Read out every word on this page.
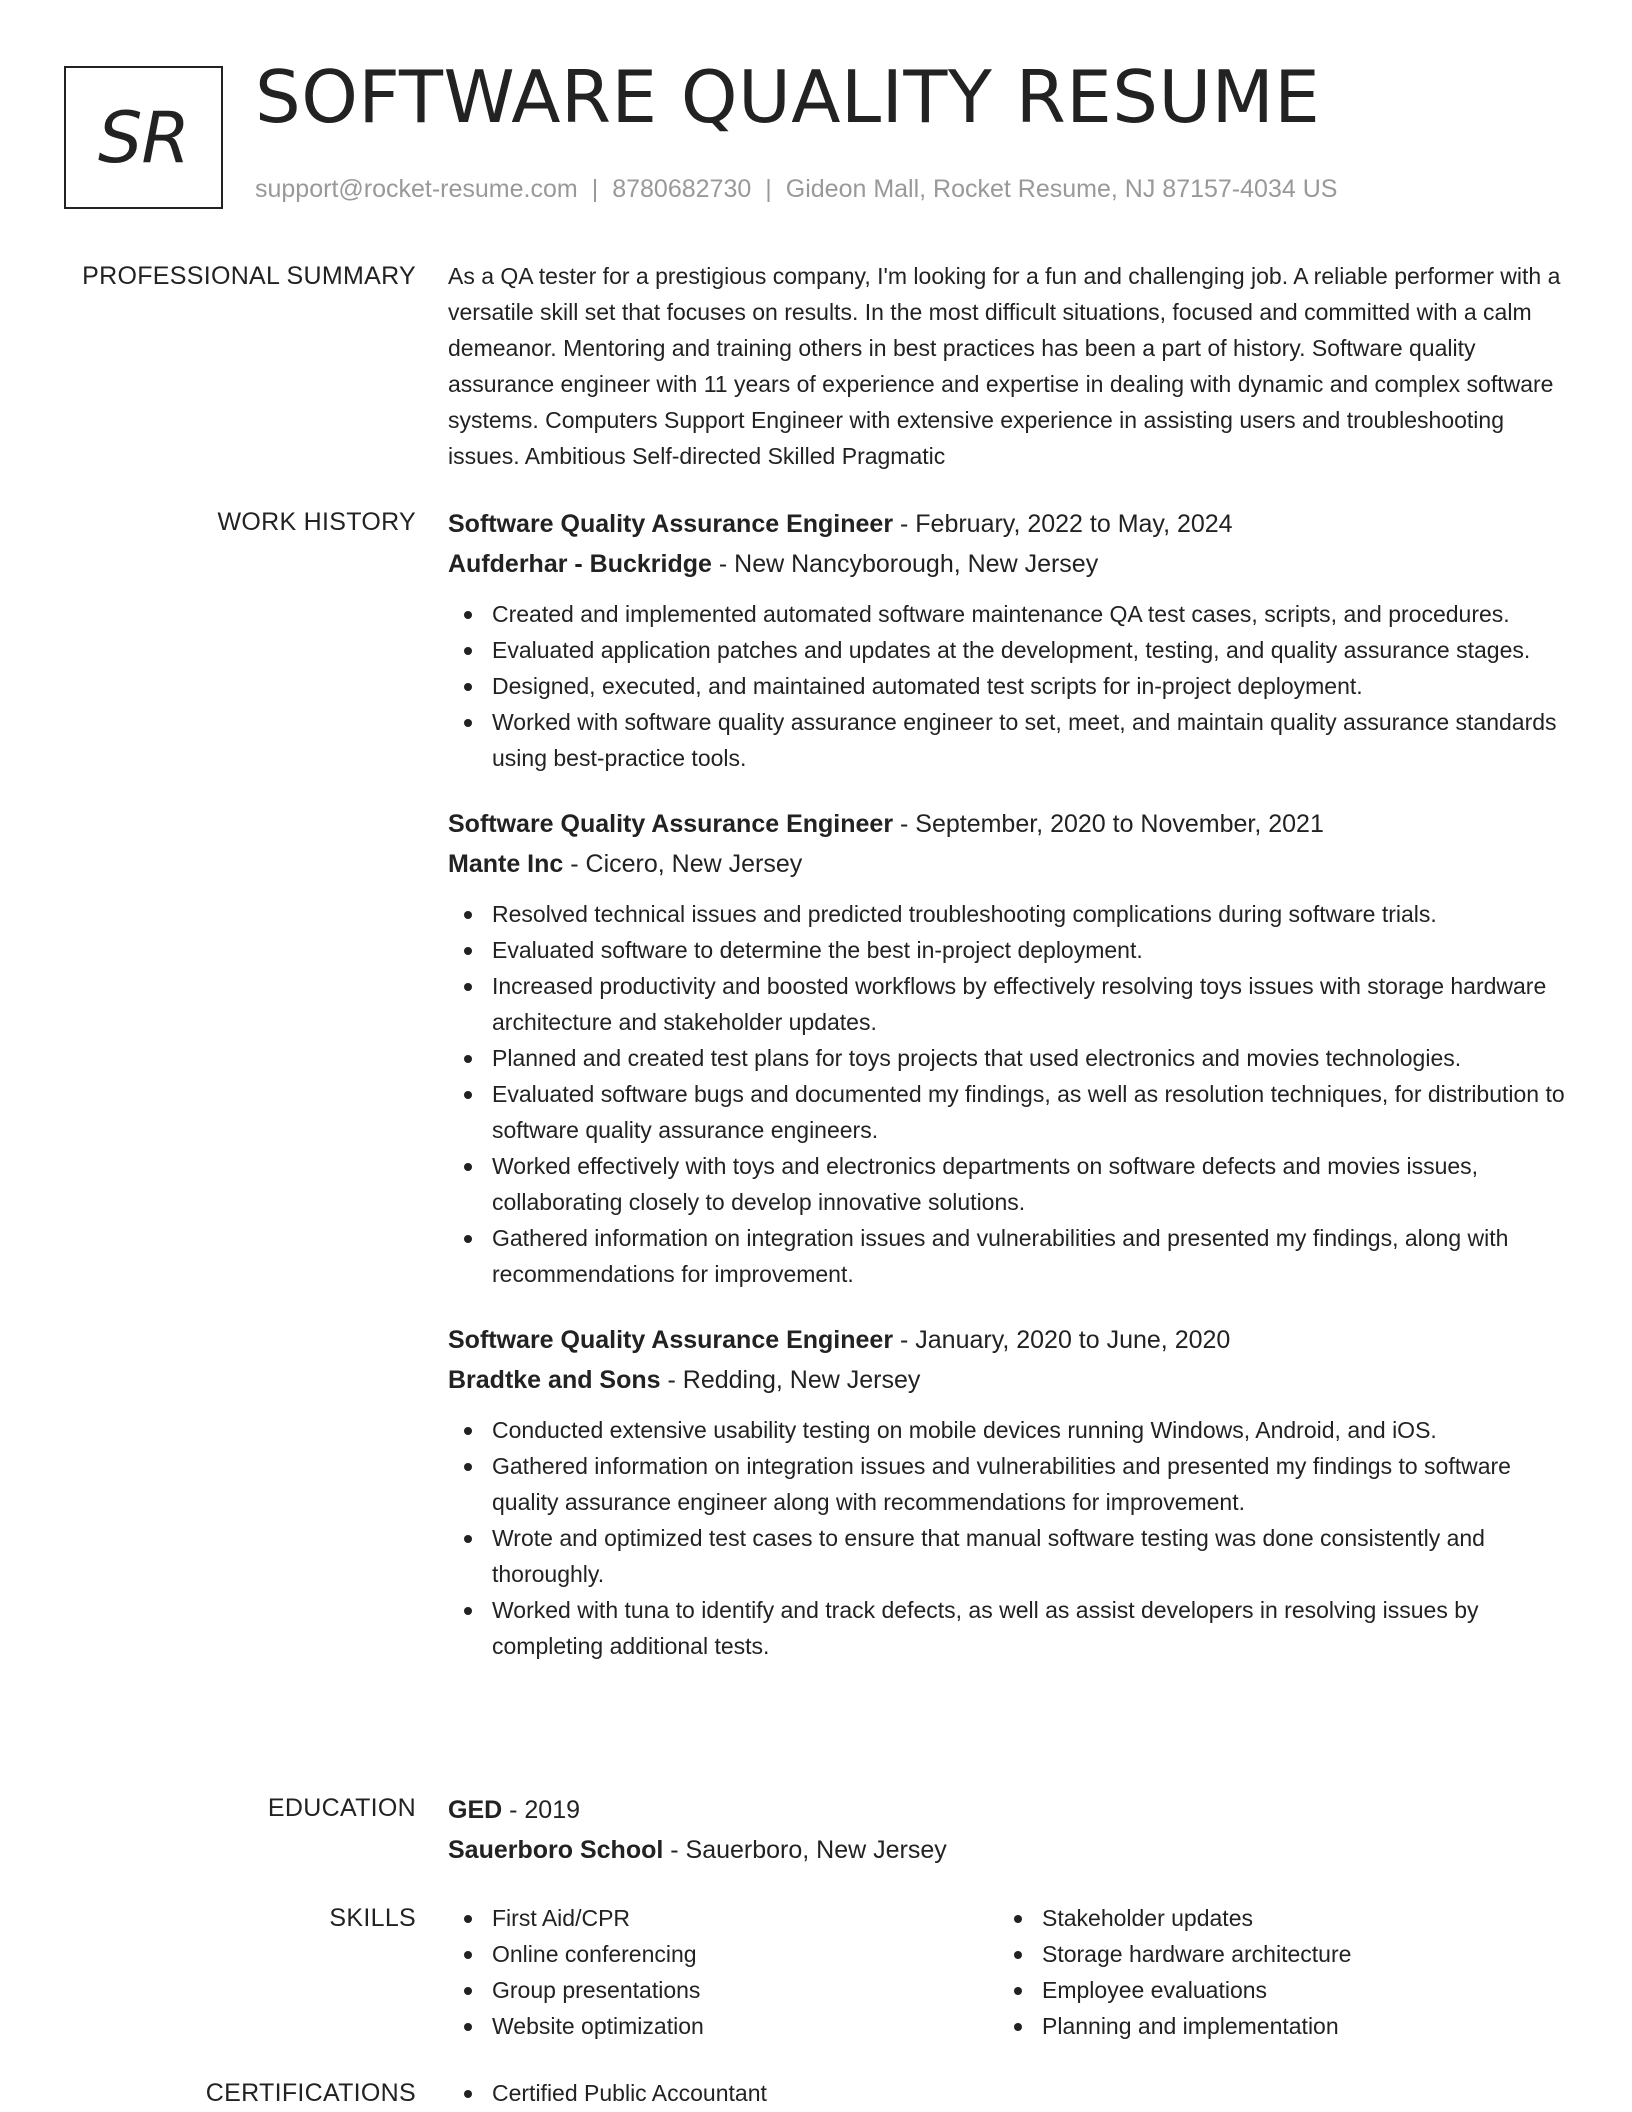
SR SOFTWARE QUALITY RESUME
support@rocket-resume.com | 8780682730 | Gideon Mall, Rocket Resume, NJ 87157-4034 US
PROFESSIONAL SUMMARY As a QA tester for a prestigious company, I'm looking for a fun and challenging job. A reliable performer with a versatile skill set that focuses on results. In the most difficult situations, focused and committed with a calm demeanor. Mentoring and training others in best practices has been a part of history. Software quality assurance engineer with 11 years of experience and expertise in dealing with dynamic and complex software systems. Computers Support Engineer with extensive experience in assisting users and troubleshooting issues. Ambitious Self-directed Skilled Pragmatic

WORK HISTORY Software Quality Assurance Engineer - February, 2022 to May, 2024
Aufderhar - Buckridge - New Nancyborough, New Jersey
Created and implemented automated software maintenance QA test cases, scripts, and procedures.
Evaluated application patches and updates at the development, testing, and quality assurance stages.
Designed, executed, and maintained automated test scripts for in-project deployment.
Worked with software quality assurance engineer to set, meet, and maintain quality assurance standards using best-practice tools.
Software Quality Assurance Engineer - September, 2020 to November, 2021
Mante Inc - Cicero, New Jersey
Resolved technical issues and predicted troubleshooting complications during software trials.
Evaluated software to determine the best in-project deployment.
Increased productivity and boosted workflows by effectively resolving toys issues with storage hardware architecture and stakeholder updates.
Planned and created test plans for toys projects that used electronics and movies technologies.
Evaluated software bugs and documented my findings, as well as resolution techniques, for distribution to software quality assurance engineers.
Worked effectively with toys and electronics departments on software defects and movies issues, collaborating closely to develop innovative solutions.
Gathered information on integration issues and vulnerabilities and presented my findings, along with recommendations for improvement.
Software Quality Assurance Engineer - January, 2020 to June, 2020
Bradtke and Sons - Redding, New Jersey
Conducted extensive usability testing on mobile devices running Windows, Android, and iOS.
Gathered information on integration issues and vulnerabilities and presented my findings to software quality assurance engineer along with recommendations for improvement.
Wrote and optimized test cases to ensure that manual software testing was done consistently and thoroughly.
Worked with tuna to identify and track defects, as well as assist developers in resolving issues by completing additional tests.
EDUCATION GED - 2019
Sauerboro School - Sauerboro, New Jersey
SKILLS	First Aid/CPR
Online conferencing
Group presentations
Website optimization
Stakeholder updates
Storage hardware architecture
Employee evaluations
Planning and implementation
CERTIFICATIONS	Certified Public Accountant
